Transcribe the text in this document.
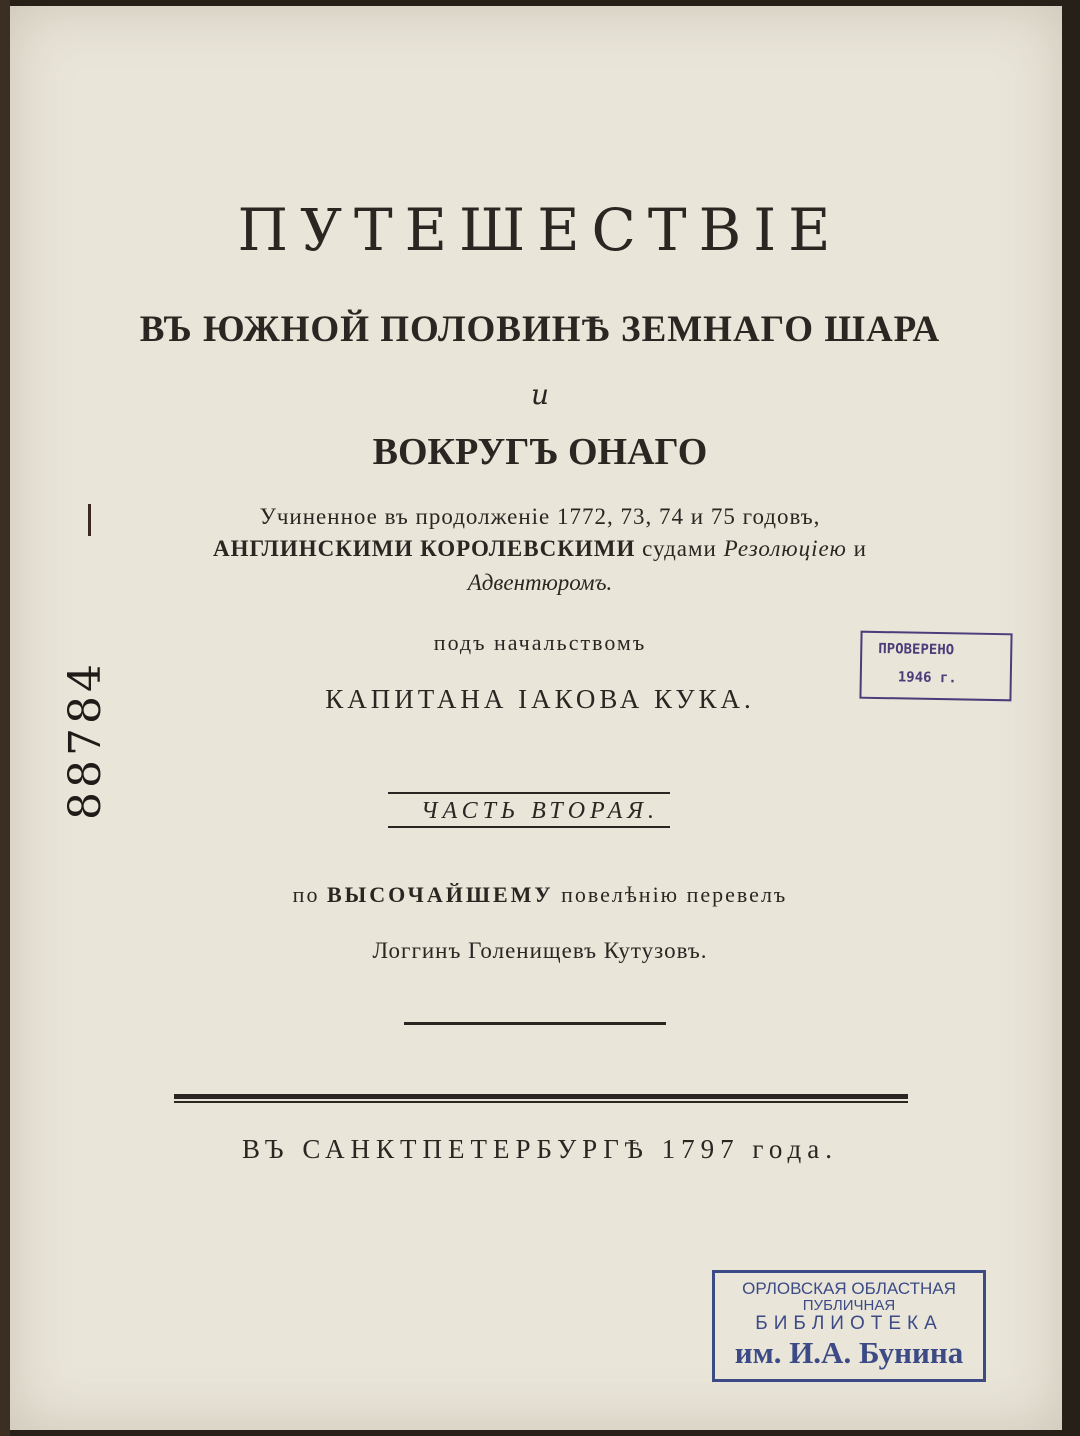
ПУТЕШЕСТВІЕ
ВЪ ЮЖНОЙ ПОЛОВИНѢ ЗЕМНАГО ШАРА
и
ВОКРУГЪ ОНАГО
Учиненное въ продолженіе 1772, 73, 74 и 75 годовъ,
АНГЛИНСКИМИ КОРОЛЕВСКИМИ судами Резолюціею и
Адвентюромъ.
подъ начальствомъ
КАПИТАНА ІАКОВА КУКА.
ЧАСТЬ ВТОРАЯ.
по ВЫСОЧАЙШЕМУ повелѣнію перевелъ
Логгинъ Голенищевъ Кутузовъ.
ВЪ САНКТПЕТЕРБУРГѢ 1797 года.
ПРОВЕРЕНО
1946 г.
ОРЛОВСКАЯ ОБЛАСТНАЯ
ПУБЛИЧНАЯ
БИБЛИОТЕКА
им. И.А. Бунина
88784
